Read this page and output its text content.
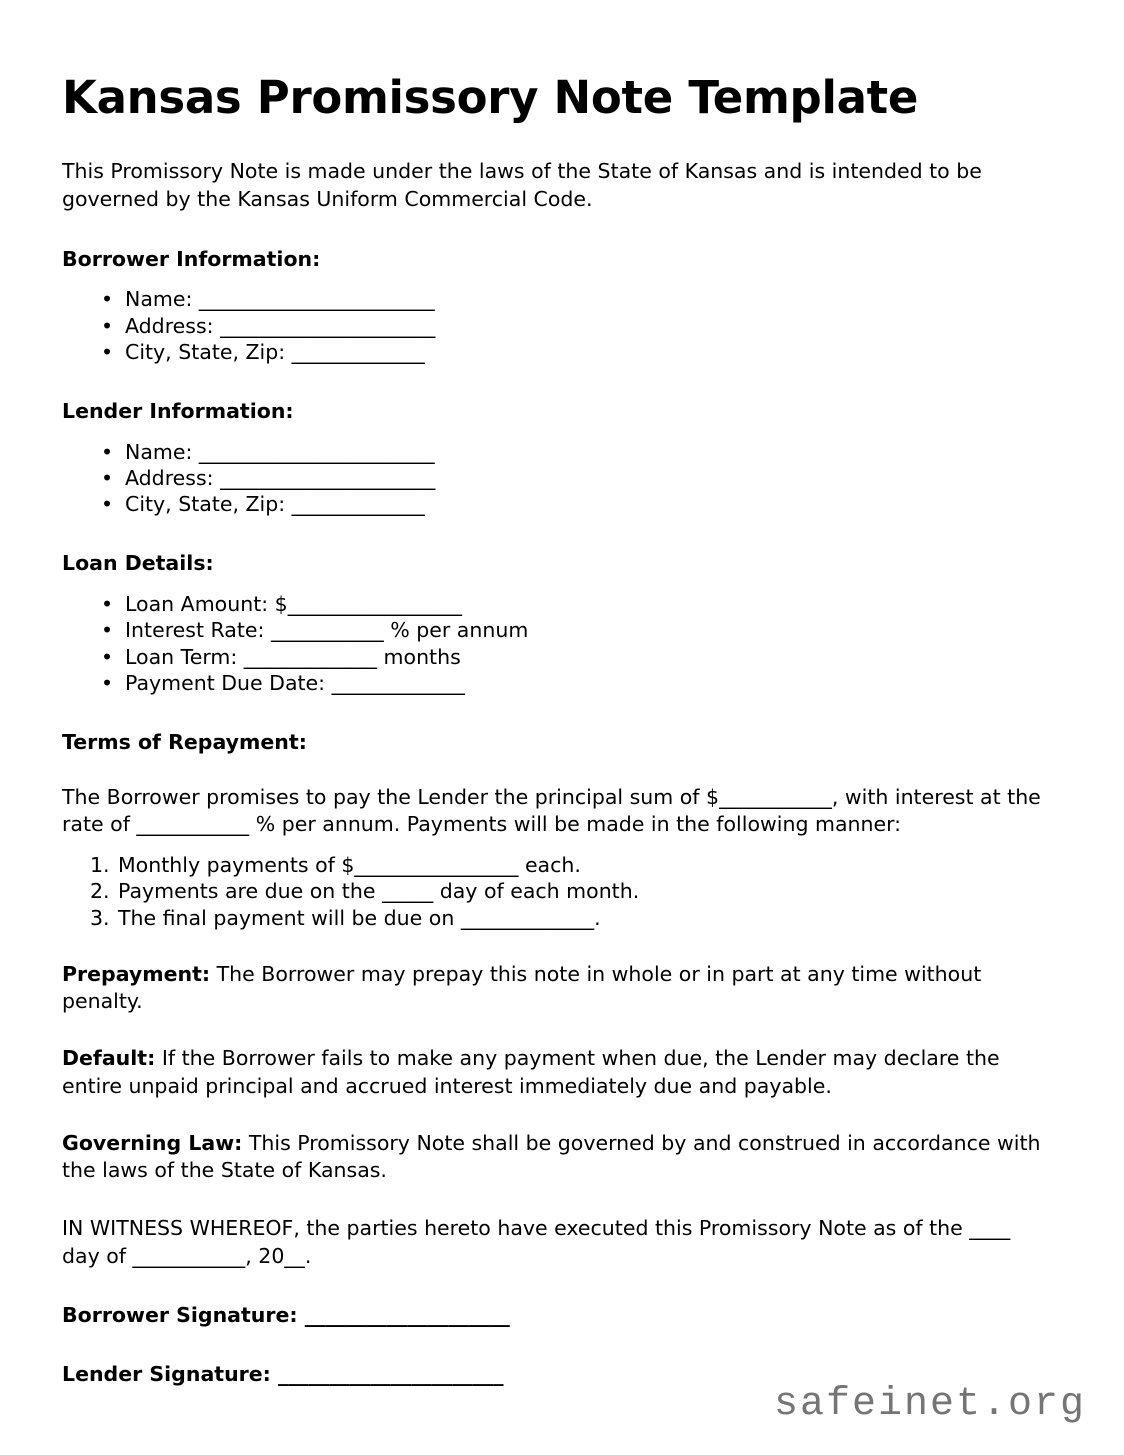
Kansas Promissory Note Template

This Promissory Note is made under the laws of the State of Kansas and is intended to be governed by the Kansas Uniform Commercial Code.

Borrower Information:
• Name: _______________________
• Address: _____________________
• City, State, Zip: _____________
Lender Information:
• Name: _______________________
• Address: _____________________
• City, State, Zip: _____________
Loan Details:
• Loan Amount: $_________________
• Interest Rate: ___________ % per annum
• Loan Term: _____________ months
• Payment Due Date: _____________
Terms of Repayment:

The Borrower promises to pay the Lender the principal sum of $___________, with interest at the rate of ___________ % per annum. Payments will be made in the following manner:

Monthly payments of $________________ each.
Payments are due on the _____ day of each month.
The final payment will be due on _____________.

Prepayment: The Borrower may prepay this note in whole or in part at any time without penalty.

Default: If the Borrower fails to make any payment when due, the Lender may declare the entire unpaid principal and accrued interest immediately due and payable.

Governing Law: This Promissory Note shall be governed by and construed in accordance with the laws of the State of Kansas.

IN WITNESS WHEREOF, the parties hereto have executed this Promissory Note as of the ____ day of ___________, 20__.

Borrower Signature: ____________________

Lender Signature: ______________________

safeinet.org
